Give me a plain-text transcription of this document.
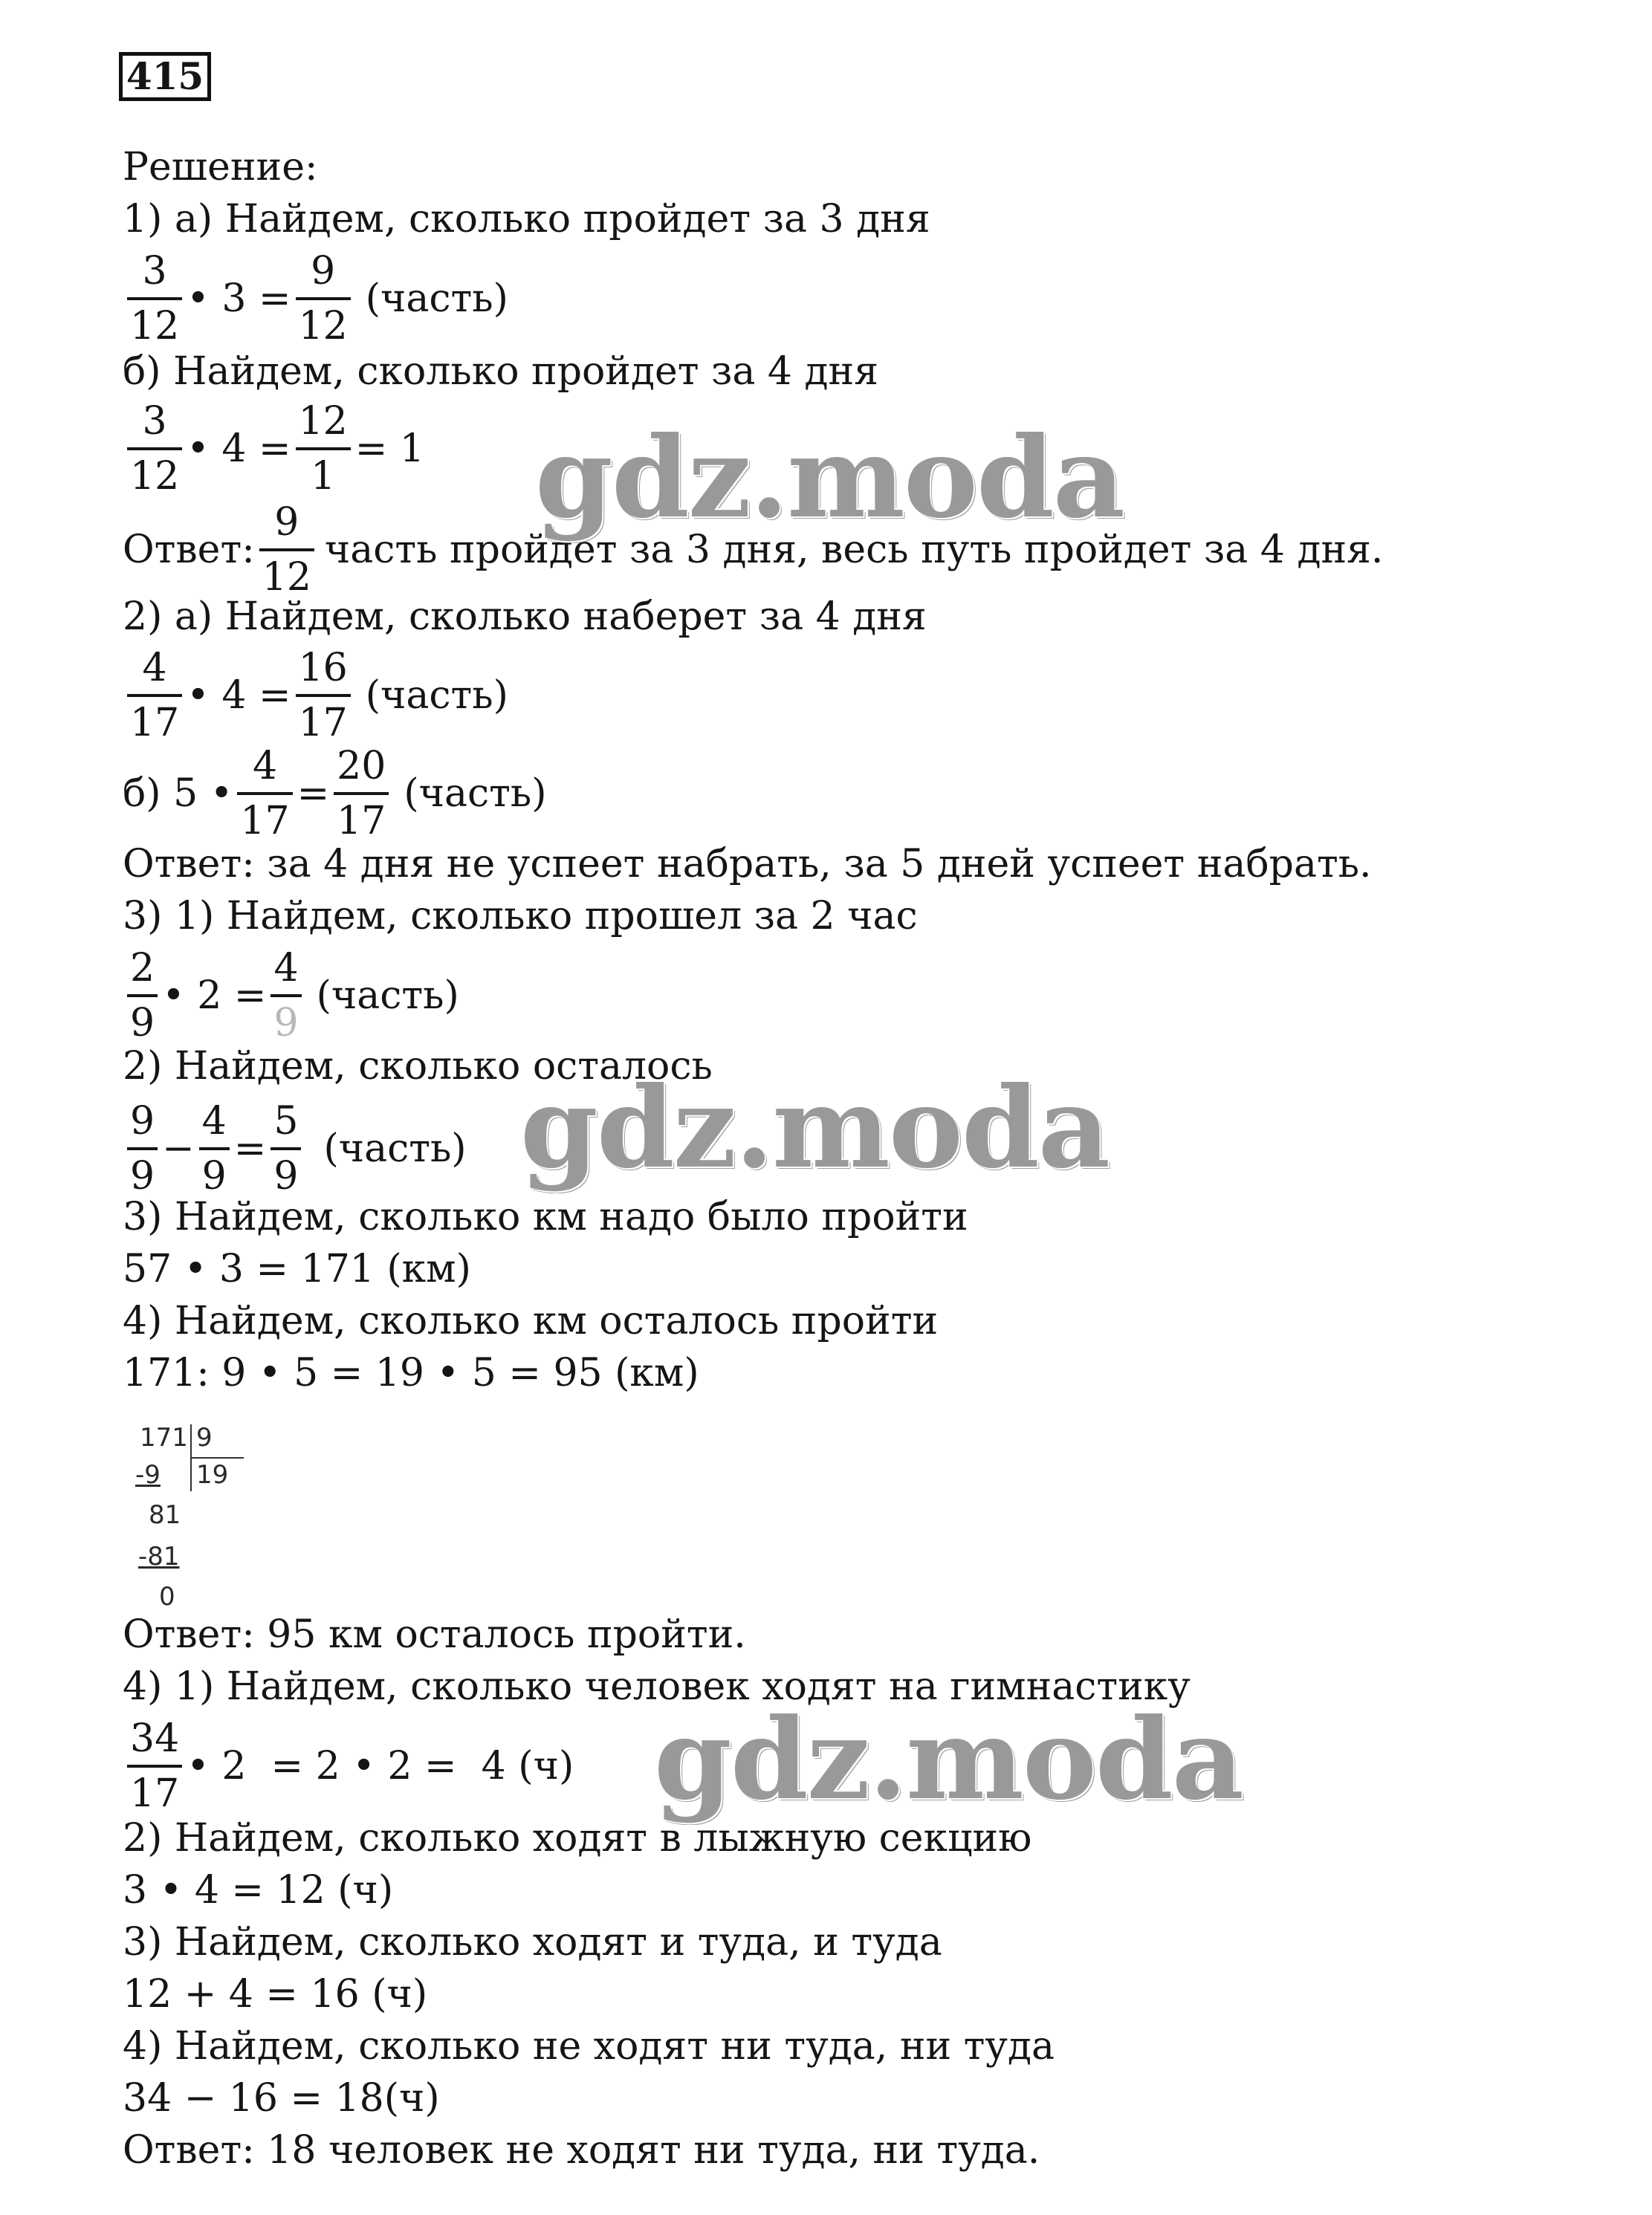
415
Решение:
1) а) Найдем, сколько пройдет за 3 дня
$\frac{3}{12}$ • $3 = \frac{9}{12}$ (часть)
б) Найдем, сколько пройдет за 4 дня
$\frac{3}{12}$ • $4 = \frac{12}{1} = 1$
Ответ: $\frac{9}{12}$ часть пройдет за 3 дня, весь путь пройдет за 4 дня.
2) а) Найдем, сколько наберет за 4 дня
$\frac{4}{17}$ • $4 = \frac{16}{17}$ (часть)
б) 5 • $\frac{4}{17} = \frac{20}{17}$ (часть)
Ответ: за 4 дня не успеет набрать, за 5 дней успеет набрать.
3) 1) Найдем, сколько прошел за 2 час
$\frac{2}{9}$ • $2 = \frac{4}{9}$ (часть)
2) Найдем, сколько осталось
$\frac{9}{9} - \frac{4}{9} = \frac{5}{9}$ (часть)
3) Найдем, сколько км надо было пройти
57 • 3 = 171 (км)
4) Найдем, сколько км осталось пройти
171: 9 • 5 = 19 • 5 = 95 (км)
171 9
19
-9
81
-81
0
Ответ: 95 км осталось пройти.
4) 1) Найдем, сколько человек ходят на гимнастику
$\frac{34}{17}$ • 2  = 2 • 2 =  4 (ч)
2) Найдем, сколько ходят в лыжную секцию
3 • 4 = 12 (ч)
3) Найдем, сколько ходят и туда, и туда
12 + 4 = 16 (ч)
4) Найдем, сколько не ходят ни туда, ни туда
34 − 16 = 18(ч)
Ответ: 18 человек не ходят ни туда, ни туда.
gdz.moda
gdz.moda
gdz.moda
